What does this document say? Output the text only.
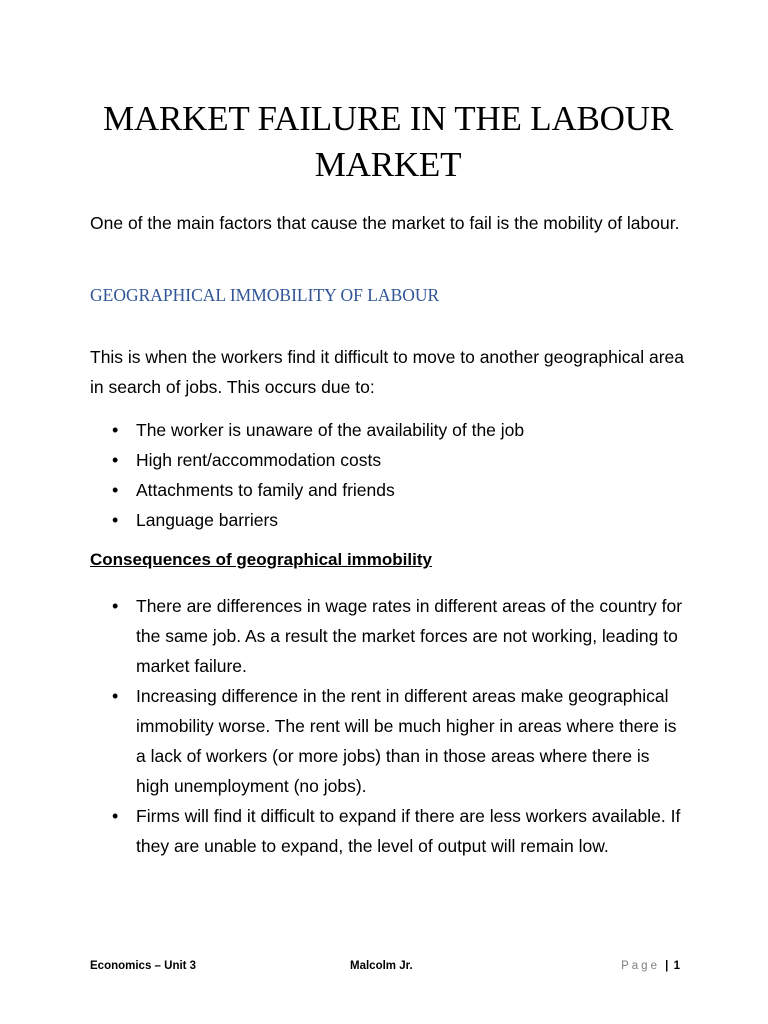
MARKET FAILURE IN THE LABOUR MARKET

One of the main factors that cause the market to fail is the mobility of labour.

GEOGRAPHICAL IMMOBILITY OF LABOUR

This is when the workers find it difficult to move to another geographical area in search of jobs. This occurs due to:

• The worker is unaware of the availability of the job
• High rent/accommodation costs
• Attachments to family and friends
• Language barriers
Consequences of geographical immobility
• There are differences in wage rates in different areas of the country for the same job. As a result the market forces are not working, leading to market failure.
• Increasing difference in the rent in different areas make geographical immobility worse. The rent will be much higher in areas where there is a lack of workers (or more jobs) than in those areas where there is high unemployment (no jobs).
• Firms will find it difficult to expand if there are less workers available. If they are unable to expand, the level of output will remain low.
Economics – Unit 3	Malcolm Jr.	Page | 1
